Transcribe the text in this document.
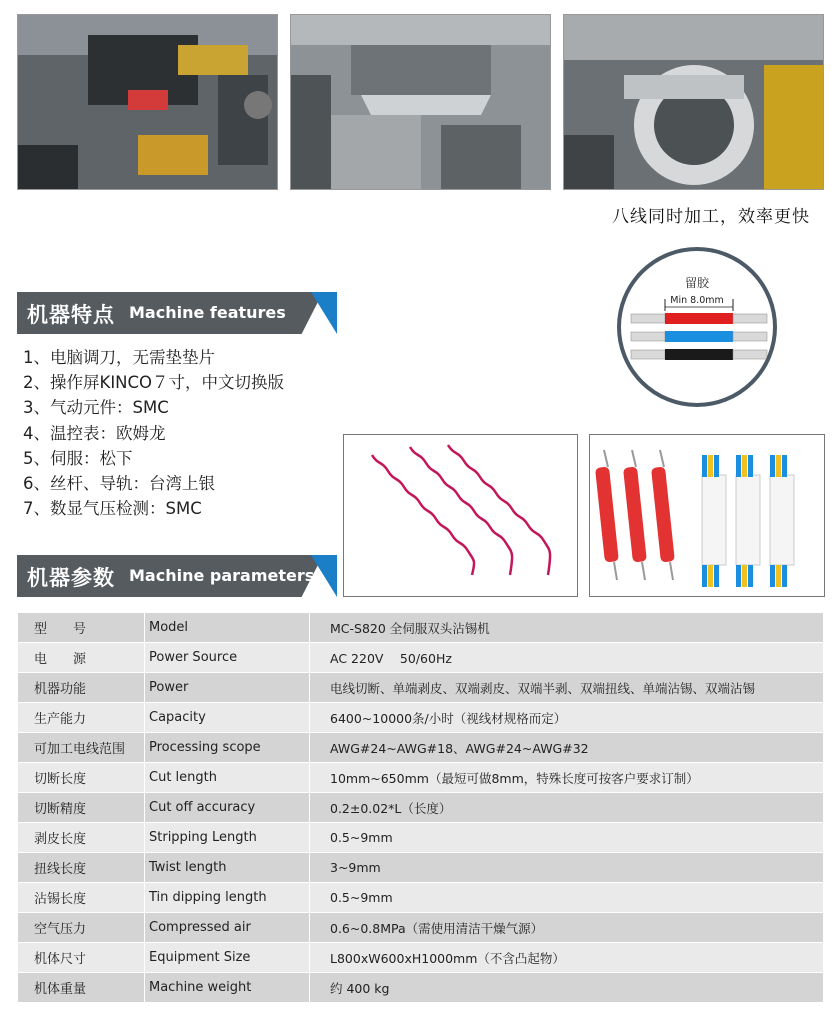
八线同时加工，效率更快
留胶
Min 8.0mm
机器特点 Machine features
1、电脑调刀，无需垫垫片
2、操作屏KINCO７寸，中文切换版
3、气动元件：SMC
4、温控表：欧姆龙
5、伺服：松下
6、丝杆、导轨：台湾上银
7、数显气压检测：SMC
机器参数 Machine parameters
型　　号	Model	MC-S820 全伺服双头沾锡机
电　　源	Power Source	AC 220V　 50/60Hz
机器功能	Power	电线切断、单端剥皮、双端剥皮、双端半剥、双端扭线、单端沾锡、双端沾锡
生产能力	Capacity	6400~10000条/小时（视线材规格而定）
可加工电线范围	Processing scope	AWG#24~AWG#18、AWG#24~AWG#32
切断长度	Cut length	10mm~650mm（最短可做8mm，特殊长度可按客户要求订制）
切断精度	Cut off accuracy	0.2±0.02*L（长度）
剥皮长度	Stripping Length	0.5~9mm
扭线长度	Twist length	3~9mm
沾锡长度	Tin dipping length	0.5~9mm
空气压力	Compressed air	0.6~0.8MPa（需使用清洁干燥气源）
机体尺寸	Equipment Size	L800xW600xH1000mm（不含凸起物）
机体重量	Machine weight	约 400 kg
